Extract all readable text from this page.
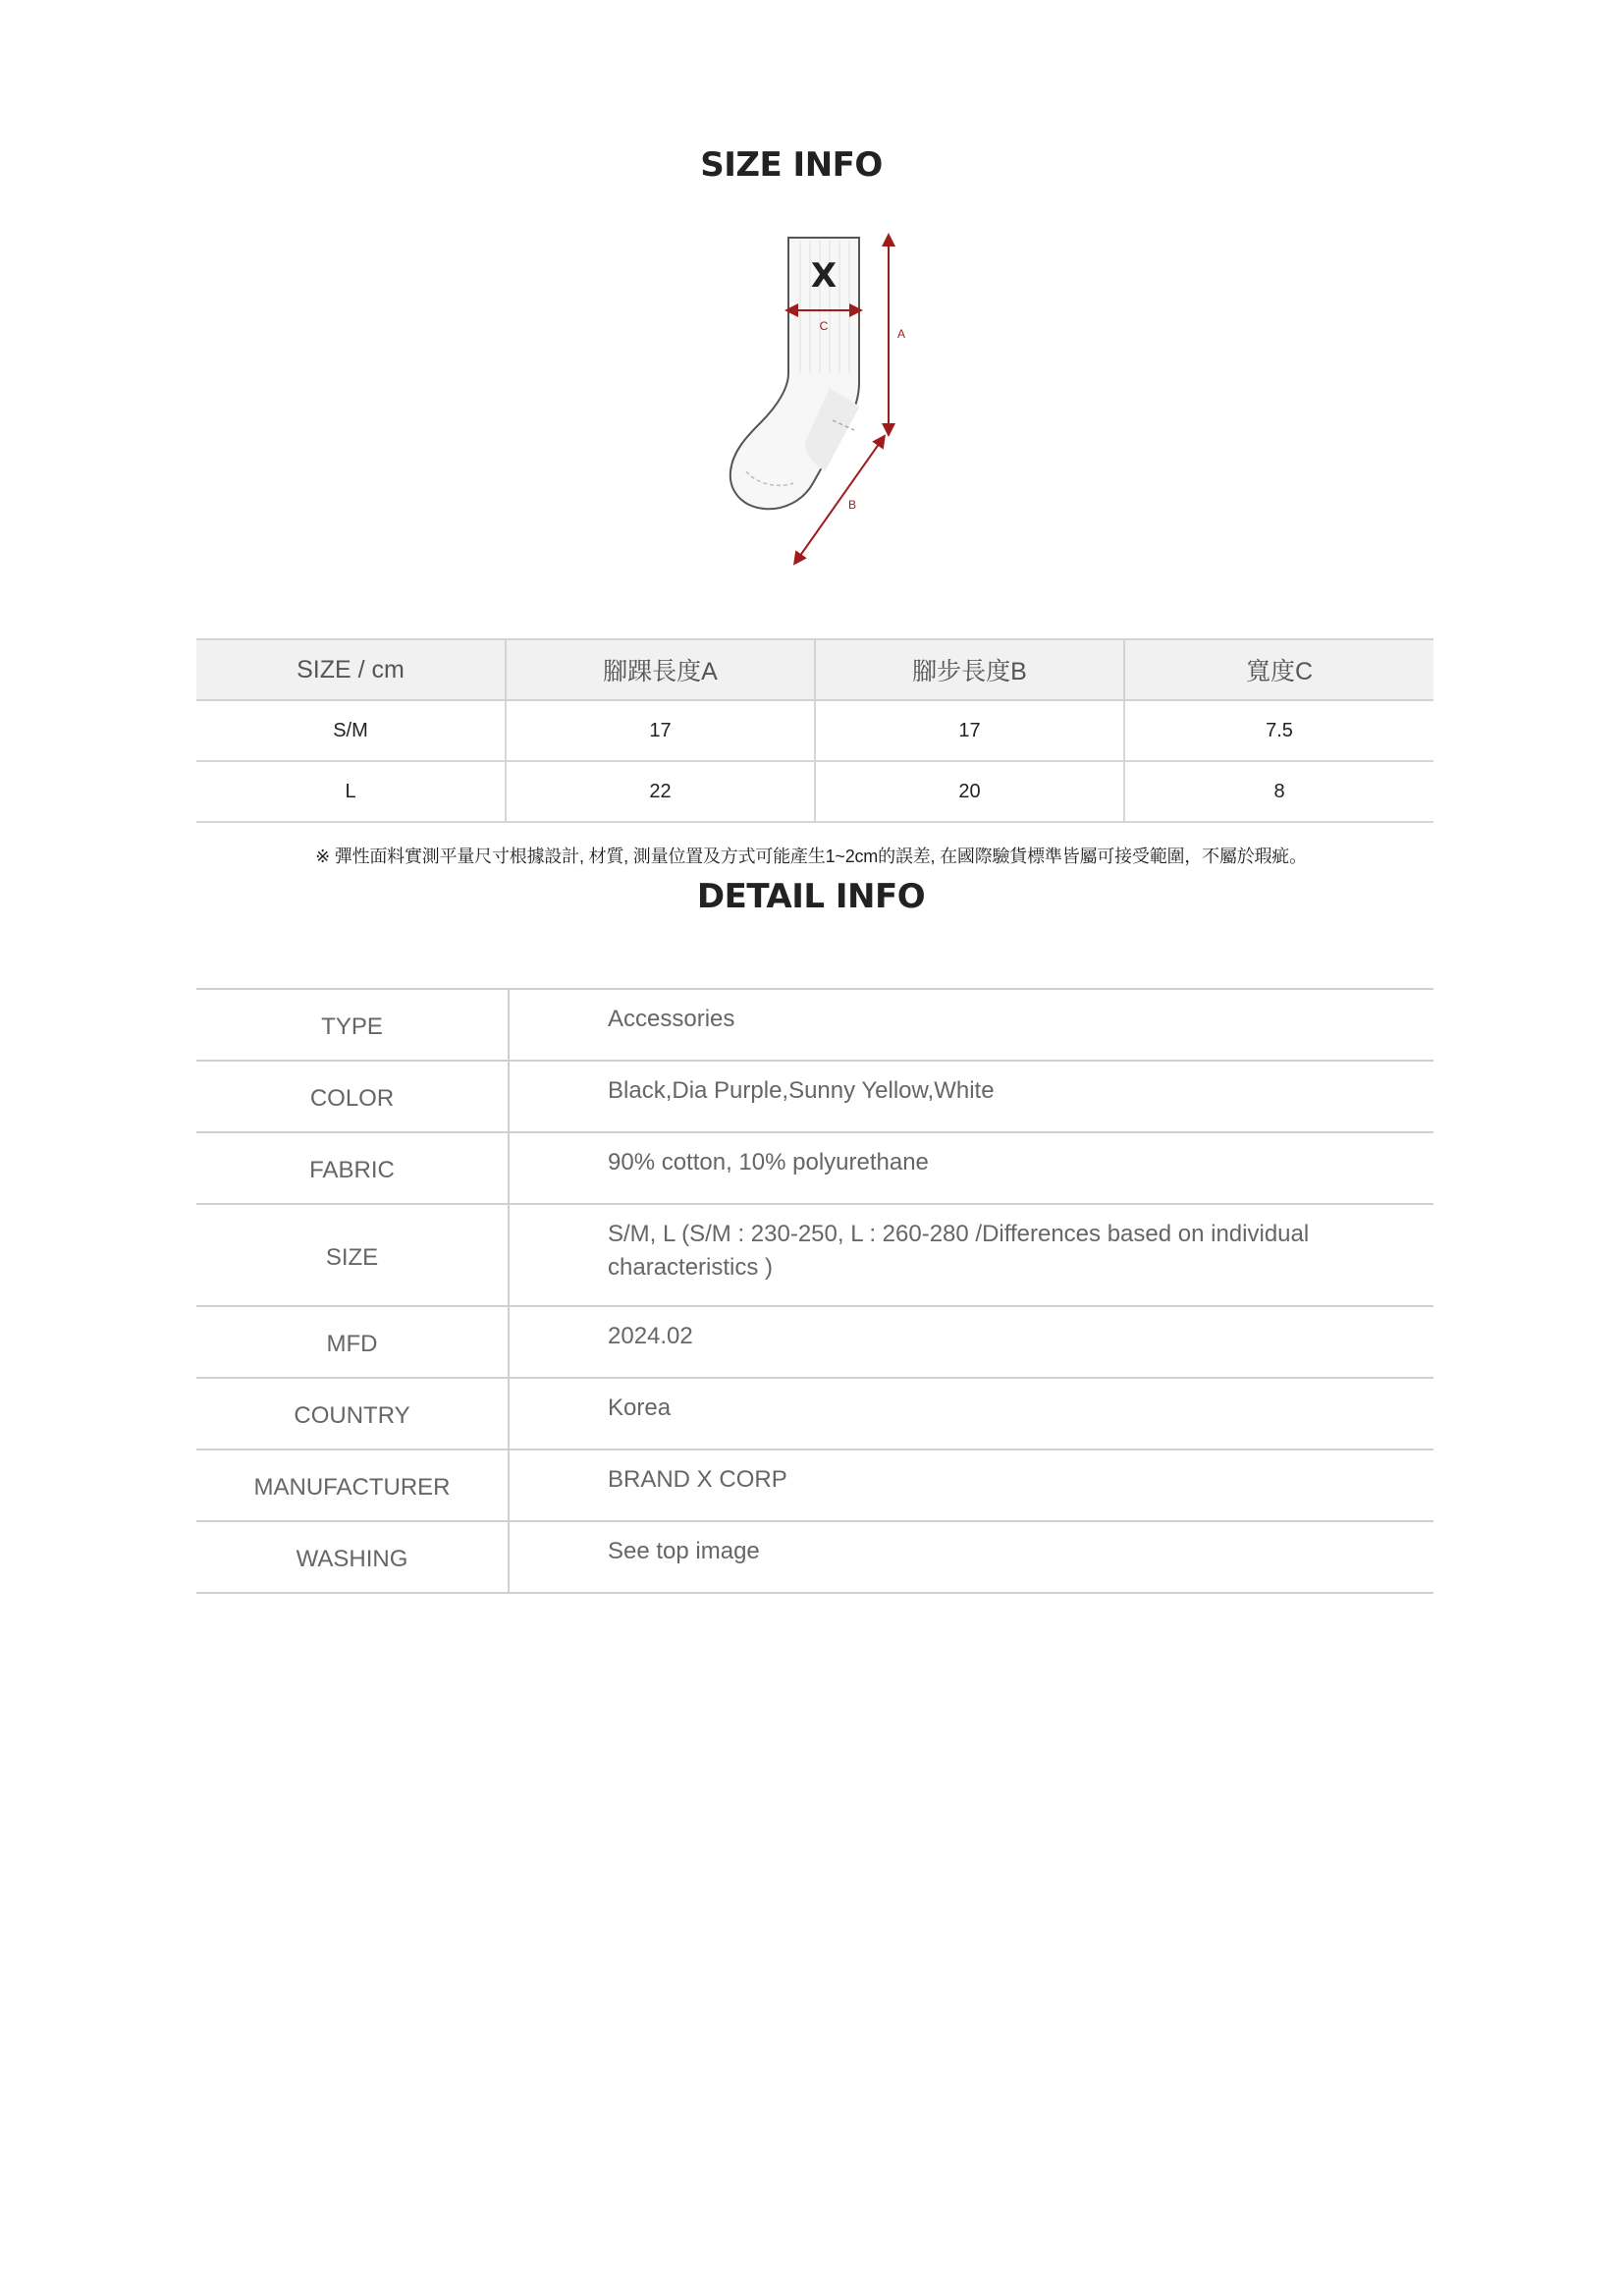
SIZE INFO
X
C
A
B
SIZE / cm	腳踝長度A	腳步長度B	寬度C
S/M	17	17	7.5
L	22	20	8
※ 彈性面料實測平量尺寸根據設計, 材質, 測量位置及方式可能產生1~2cm的誤差, 在國際驗貨標準皆屬可接受範圍，不屬於瑕疵。
DETAIL INFO
TYPE	Accessories
COLOR	Black,Dia Purple,Sunny Yellow,White
FABRIC	90% cotton, 10% polyurethane
SIZE	S/M, L (S/M : 230-250, L : 260-280 /Differences based on individual characteristics )
MFD	2024.02
COUNTRY	Korea
MANUFACTURER	BRAND X CORP
WASHING	See top image
